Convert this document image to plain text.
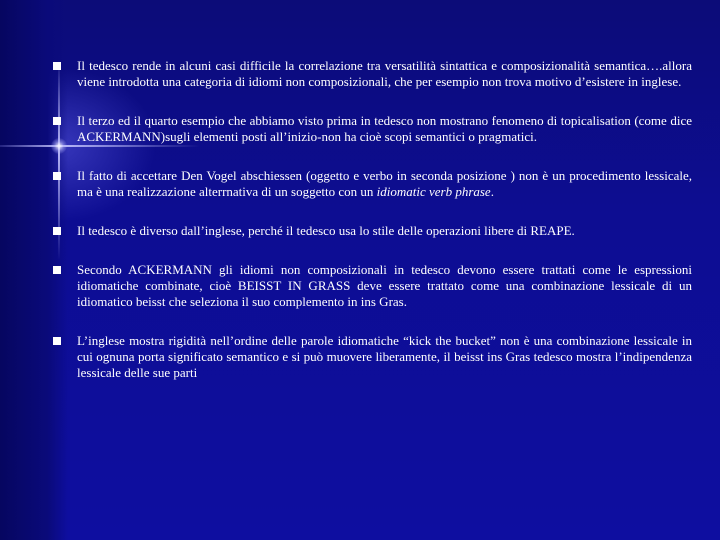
Il tedesco rende in alcuni casi difficile la correlazione tra versatilità sintattica e composizionalità semantica….allora viene introdotta una categoria di idiomi non composizionali, che per esempio non trova motivo d’esistere in inglese.
Il terzo ed il quarto esempio che abbiamo visto prima in tedesco non mostrano fenomeno di topicalisation (come dice ACKERMANN)sugli elementi posti all’inizio-non ha cioè scopi semantici o pragmatici.
Il fatto di accettare Den Vogel abschiessen (oggetto e verbo in seconda posizione ) non è un procedimento lessicale, ma è una realizzazione alterrnativa di un soggetto con un idiomatic verb phrase.
Il tedesco è diverso dall’inglese, perché il tedesco usa lo stile delle operazioni libere di REAPE.
Secondo ACKERMANN gli idiomi non composizionali in tedesco devono essere trattati come le espressioni idiomatiche combinate, cioè BEISST IN GRASS deve essere trattato come una combinazione lessicale di un idiomatico beisst che seleziona il suo complemento in ins Gras.
L’inglese mostra rigidità nell’ordine delle parole idiomatiche “kick the bucket” non è una combinazione lessicale in cui ognuna porta significato semantico e si può muovere liberamente, il beisst ins Gras tedesco mostra l’indipendenza lessicale delle sue parti
